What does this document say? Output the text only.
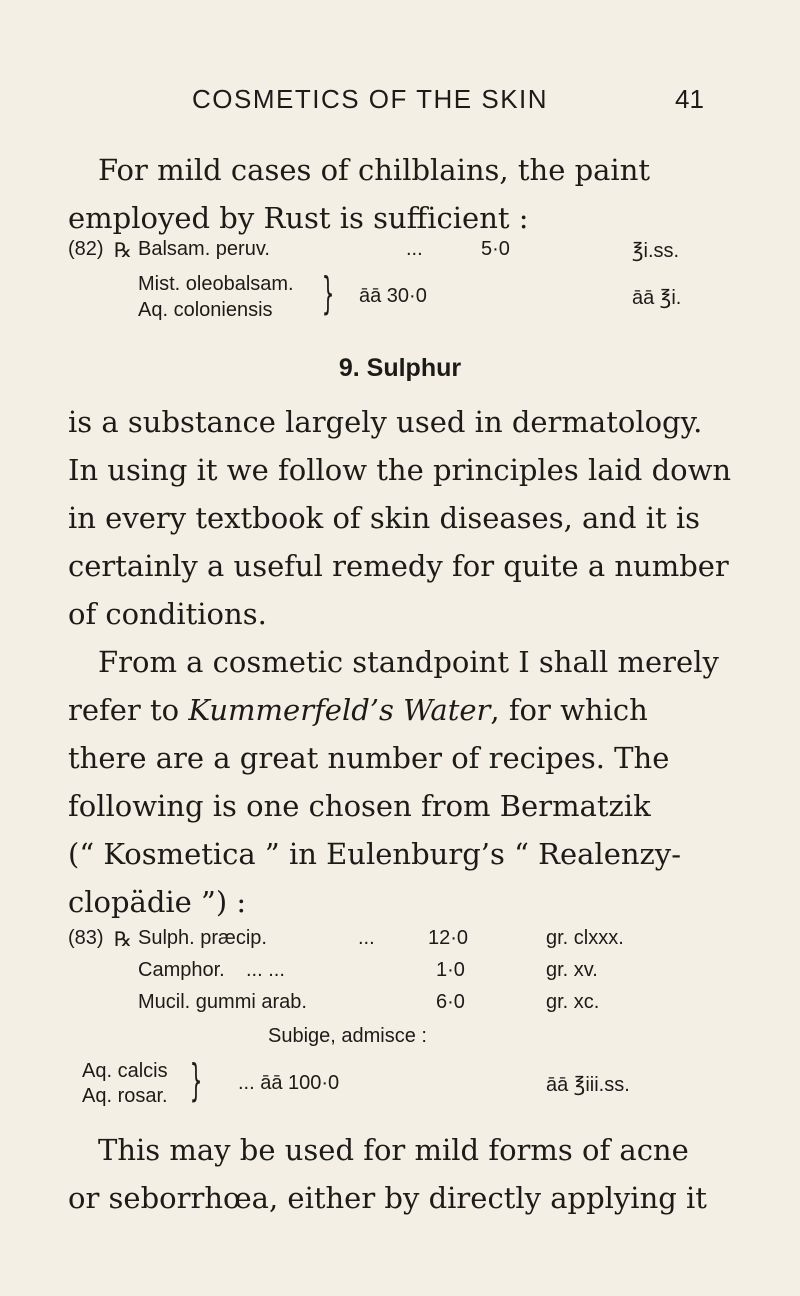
COSMETICS OF THE SKIN	41

For mild cases of chilblains, the paint
employed by Rust is sufficient :

(82) ℞ Balsam. peruv.	...	5·0	℥i.ss.
Mist. oleobalsam.
Aq. coloniensis } āā 30·0	āā ℥i.
9. Sulphur

is a substance largely used in dermatology.
In using it we follow the principles laid down
in every textbook of skin diseases, and it is
certainly a useful remedy for quite a number
of conditions.

From a cosmetic standpoint I shall merely
refer to Kummerfeld’s Water, for which
there are a great number of recipes. The
following is one chosen from Bermatzik
(“ Kosmetica ” in Eulenburg’s “ Realenzy-
clopädie ”) :

(83) ℞ Sulph. præcip.	...	12·0	gr. clxxx.
Camphor. ... ...	1·0	gr. xv.
Mucil. gummi arab.	6·0	gr. xc.
Subige, admisce :
Aq. calcis
Aq. rosar. } ... āā 100·0	āā ℥iii.ss.

This may be used for mild forms of acne
or seborrhœa, either by directly applying it
